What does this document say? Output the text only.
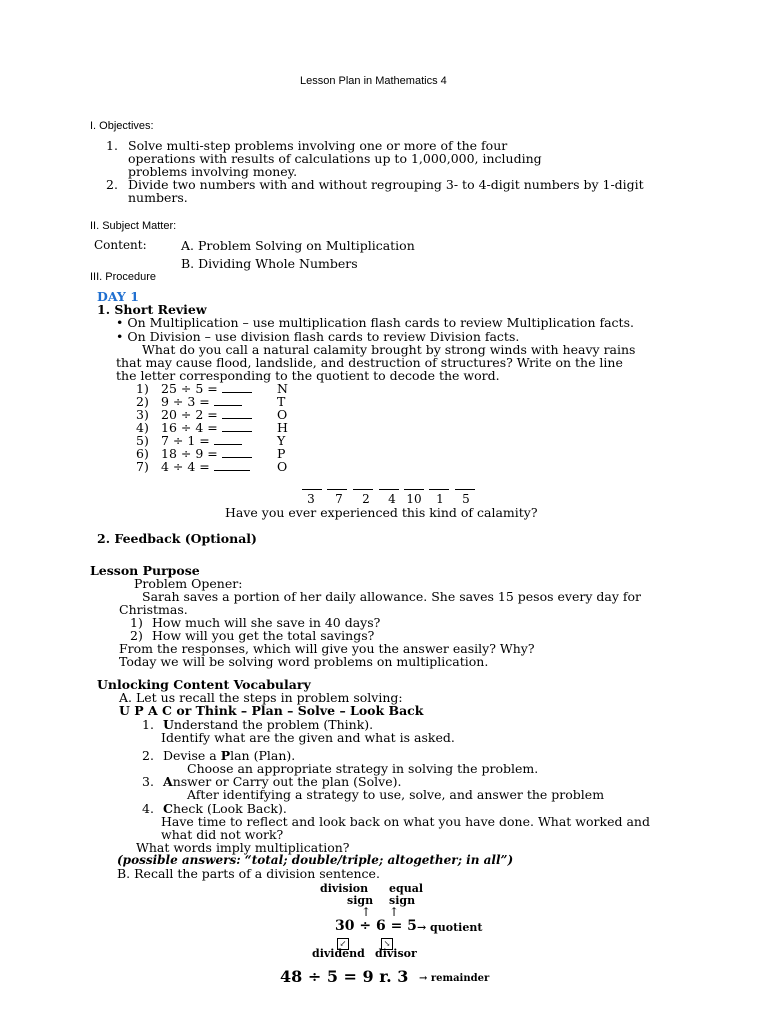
Lesson Plan in Mathematics 4
I. Objectives:
1. Solve multi-step problems involving one or more of the four
operations with results of calculations up to 1,000,000, including
problems involving money.
2. Divide two numbers with and without regrouping 3- to 4-digit numbers by 1-digit
numbers.
II. Subject Matter:
Content:	A. Problem Solving on Multiplication
B. Dividing Whole Numbers
III. Procedure
DAY 1
1. Short Review
• On Multiplication – use multiplication flash cards to review Multiplication facts.
• On Division – use division flash cards to review Division facts.
What do you call a natural calamity brought by strong winds with heavy rains
that may cause flood, landslide, and destruction of structures? Write on the line
the letter corresponding to the quotient to decode the word.
1) 25 ÷ 5 =	N
2) 9 ÷ 3 =	T
3) 20 ÷ 2 =	O
4) 16 ÷ 4 =	H
5) 7 ÷ 1 =	Y
6) 18 ÷ 9 =	P
7) 4 ÷ 4 =	O
3	7	2	4 10	1	5
Have you ever experienced this kind of calamity?
2. Feedback (Optional)
Lesson Purpose
Problem Opener:
Sarah saves a portion of her daily allowance. She saves 15 pesos every day for
Christmas.
1) How much will she save in 40 days?
2) How will you get the total savings?
From the responses, which will give you the answer easily? Why?
Today we will be solving word problems on multiplication.
Unlocking Content Vocabulary
A. Let us recall the steps in problem solving:
U P A C or Think – Plan – Solve – Look Back
1. Understand the problem (Think).
Identify what are the given and what is asked.
2. Devise a Plan (Plan).
Choose an appropriate strategy in solving the problem.
3. Answer or Carry out the plan (Solve).
After identifying a strategy to use, solve, and answer the problem
4. Check (Look Back).
Have time to reflect and look back on what you have done. What worked and
what did not work?
What words imply multiplication?
(possible answers: “total; double/triple; altogether; in all”)
B. Recall the parts of a division sentence.
division
sign
equal
sign
↑ ↑
30 ÷ 6 = 5 → quotient
↙	↘
dividend divisor
48 ÷ 5 = 9 r. 3 → remainder
